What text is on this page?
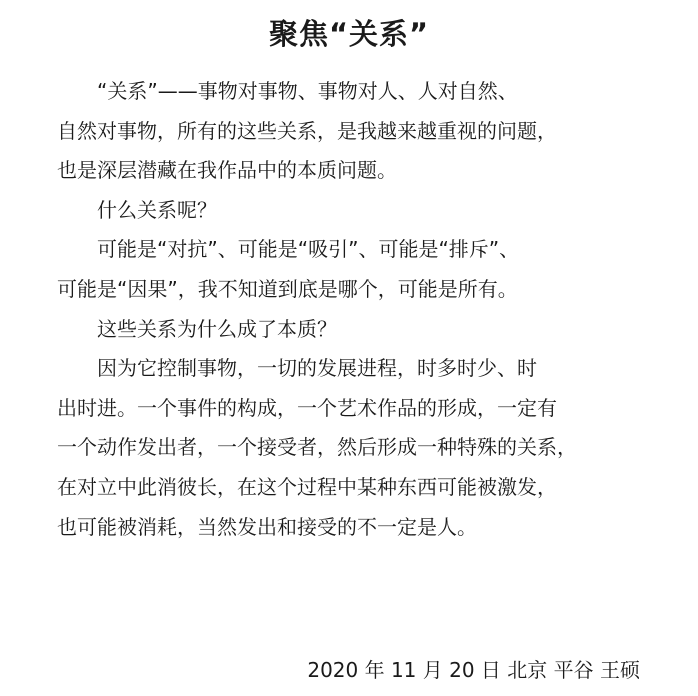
聚焦“关系”

“关系”——事物对事物、事物对人、人对自然、
自然对事物，所有的这些关系，是我越来越重视的问题，
也是深层潜藏在我作品中的本质问题。

什么关系呢？

可能是“对抗”、可能是“吸引”、可能是“排斥”、
可能是“因果”，我不知道到底是哪个，可能是所有。

这些关系为什么成了本质？

因为它控制事物，一切的发展进程，时多时少、时
出时进。一个事件的构成，一个艺术作品的形成，一定有
一个动作发出者，一个接受者，然后形成一种特殊的关系，
在对立中此消彼长，在这个过程中某种东西可能被激发，
也可能被消耗，当然发出和接受的不一定是人。

2020 年 11 月 20 日 北京 平谷 王硕
